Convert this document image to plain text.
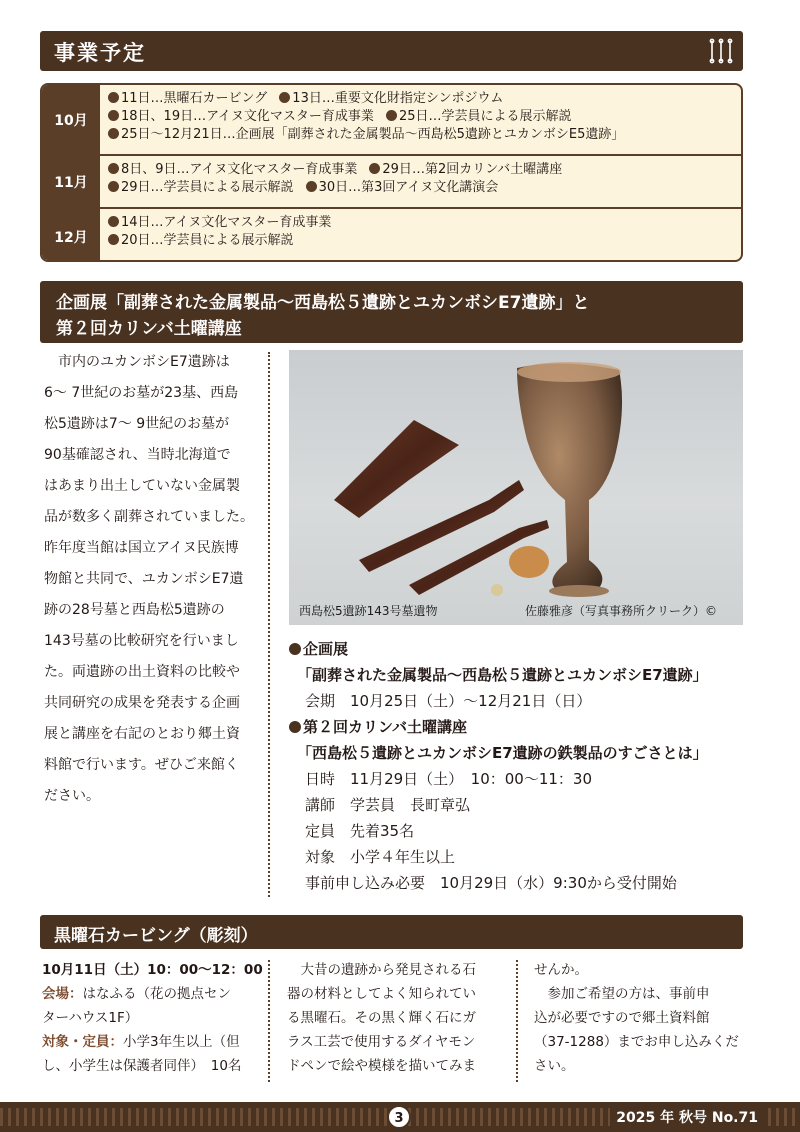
事業予定
10月
11日…黒曜石カービング 13日…重要文化財指定シンポジウム
18日、19日…アイヌ文化マスター育成事業 25日…学芸員による展示解説
25日〜12月21日…企画展「副葬された金属製品〜西島松5遺跡とユカンボシE5遺跡」
11月
8日、9日…アイヌ文化マスター育成事業 29日…第2回カリンバ土曜講座
29日…学芸員による展示解説 30日…第3回アイヌ文化講演会
12月
14日…アイヌ文化マスター育成事業
20日…学芸員による展示解説
企画展「副葬された金属製品〜西島松５遺跡とユカンボシE7遺跡」と
第２回カリンバ土曜講座
　市内のユカンボシE7遺跡は
6〜 7世紀のお墓が23基、西島
松5遺跡は7〜 9世紀のお墓が
90基確認され、当時北海道で
はあまり出土していない金属製
品が数多く副葬されていました。
昨年度当館は国立アイヌ民族博
物館と共同で、ユカンボシE7遺
跡の28号墓と西島松5遺跡の
143号墓の比較研究を行いまし
た。両遺跡の出土資料の比較や
共同研究の成果を発表する企画
展と講座を右記のとおり郷土資
料館で行います。ぜひご来館く
ださい。
西島松5遺跡143号墓遺物	佐藤雅彦（写真事務所クリーク）©
企画展
「副葬された金属製品〜西島松５遺跡とユカンボシE7遺跡」
会期　10月25日（土）〜12月21日（日）
第２回カリンバ土曜講座
「西島松５遺跡とユカンボシE7遺跡の鉄製品のすごさとは」
日時　11月29日（土）　10：00〜11：30
講師　学芸員　長町章弘
定員　先着35名
対象　小学４年生以上
事前申し込み必要　10月29日（水）9:30から受付開始
黒曜石カービング（彫刻）

10月11日（土）10：00〜12：00

会場：はなふる（花の拠点セン

ターハウス1F）

対象・定員：小学3年生以上（但

し、小学生は保護者同伴）　10名

　大昔の遺跡から発見される石

器の材料としてよく知られてい

る黒曜石。その黒く輝く石にガ

ラス工芸で使用するダイヤモン

ドペンで絵や模様を描いてみま

せんか。

　参加ご希望の方は、事前申

込が必要ですので郷土資料館

（37-1288）までお申し込みくだ

さい。

3	2025 年 秋号 No.71
